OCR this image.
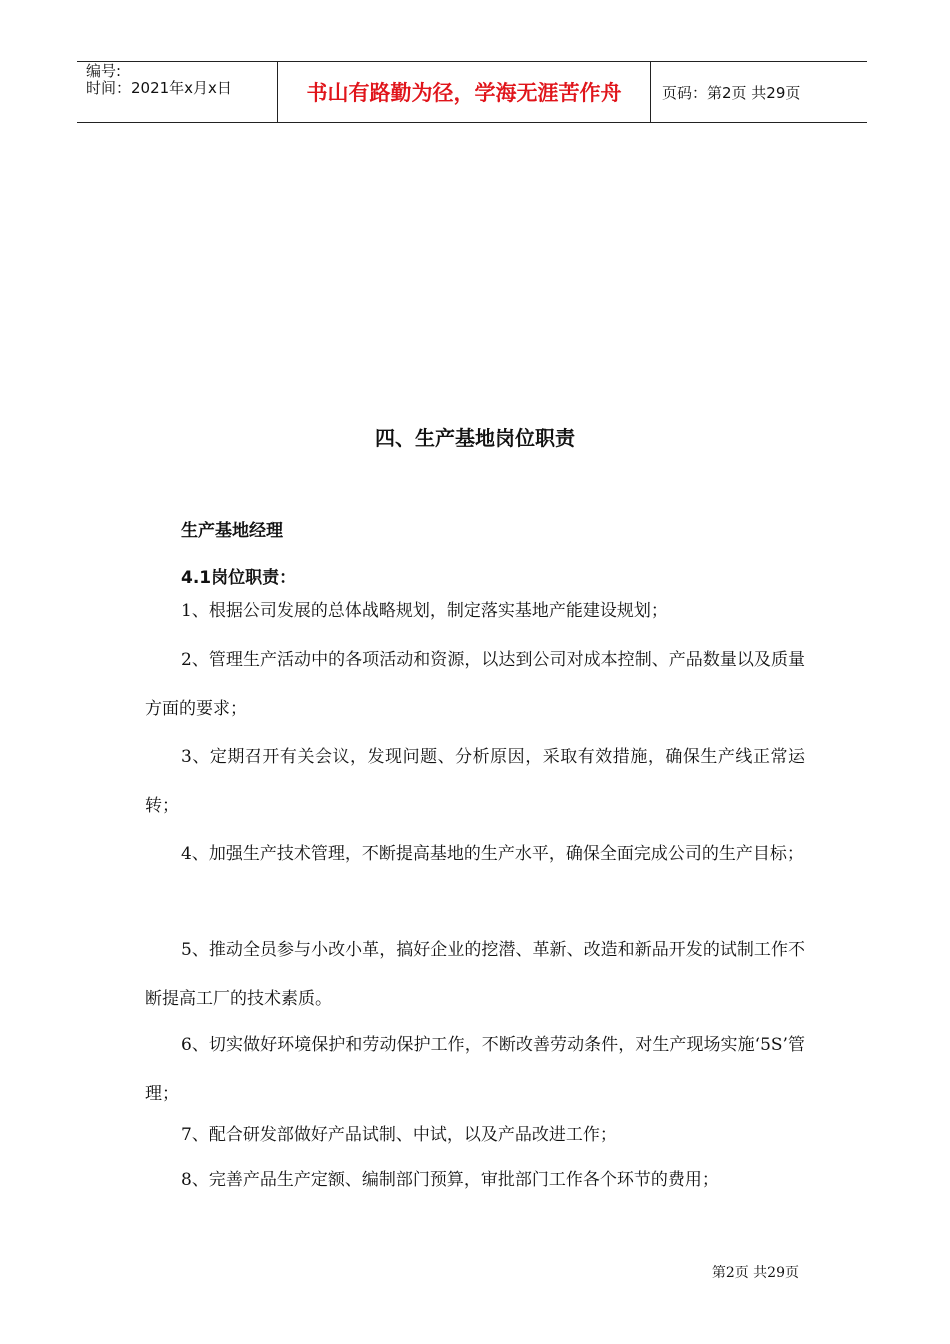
编号:
时间：2021年x月x日	书山有路勤为径，学海无涯苦作舟	页码：第2页 共29页
四、生产基地岗位职责
生产基地经理
4.1岗位职责：

1、根据公司发展的总体战略规划，制定落实基地产能建设规划；

2、管理生产活动中的各项活动和资源，以达到公司对成本控制、产品数量以及质量方面的要求；

3、定期召开有关会议，发现问题、分析原因，采取有效措施，确保生产线正常运转；

4、加强生产技术管理，不断提高基地的生产水平，确保全面完成公司的生产目标；

5、推动全员参与小改小革，搞好企业的挖潜、革新、改造和新品开发的试制工作不断提高工厂的技术素质。

6、切实做好环境保护和劳动保护工作，不断改善劳动条件，对生产现场实施‘5S’管理；

7、配合研发部做好产品试制、中试，以及产品改进工作；

8、完善产品生产定额、编制部门预算，审批部门工作各个环节的费用；

第2页 共29页
